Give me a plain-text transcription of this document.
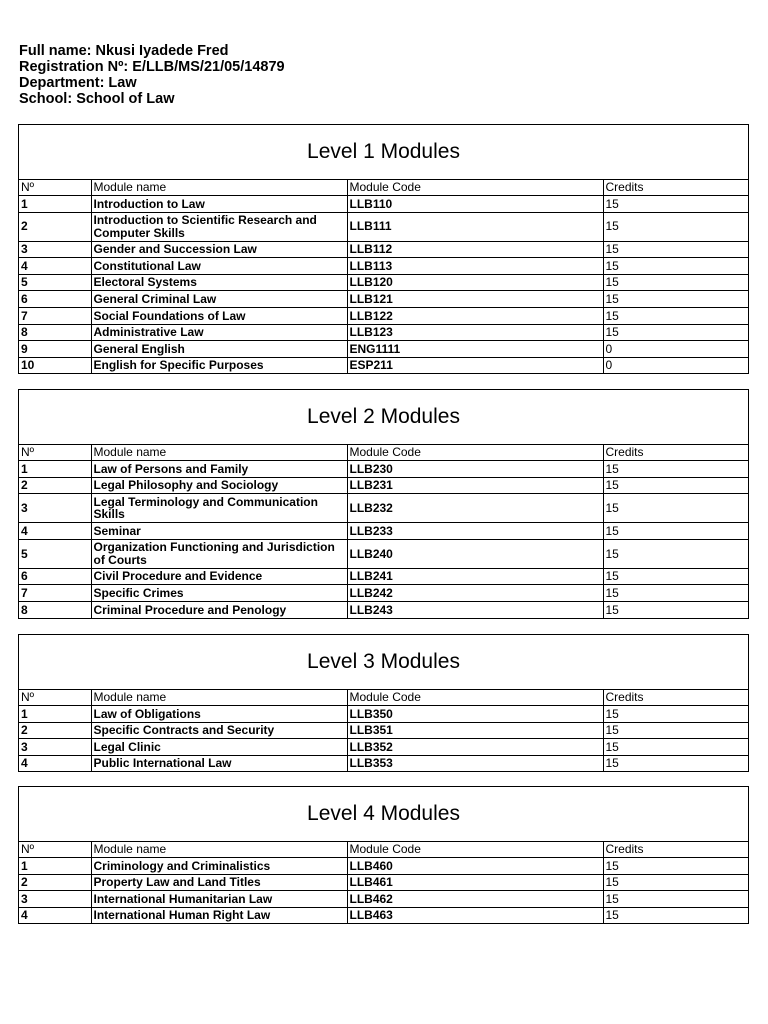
Full name: Nkusi Iyadede Fred
Registration Nº: E/LLB/MS/21/05/14879
Department: Law
School: School of Law
Level 1 Modules
Nº	Module name	Module Code	Credits
1	Introduction to Law	LLB110	15
2	Introduction to Scientific Research and Computer Skills	LLB111	15
3	Gender and Succession Law	LLB112	15
4	Constitutional Law	LLB113	15
5	Electoral Systems	LLB120	15
6	General Criminal Law	LLB121	15
7	Social Foundations of Law	LLB122	15
8	Administrative Law	LLB123	15
9	General English	ENG1111	0
10	English for Specific Purposes	ESP211	0
Level 2 Modules
Nº	Module name	Module Code	Credits
1	Law of Persons and Family	LLB230	15
2	Legal Philosophy and Sociology	LLB231	15
3	Legal Terminology and Communication Skills	LLB232	15
4	Seminar	LLB233	15
5	Organization Functioning and Jurisdiction of Courts	LLB240	15
6	Civil Procedure and Evidence	LLB241	15
7	Specific Crimes	LLB242	15
8	Criminal Procedure and Penology	LLB243	15
Level 3 Modules
Nº	Module name	Module Code	Credits
1	Law of Obligations	LLB350	15
2	Specific Contracts and Security	LLB351	15
3	Legal Clinic	LLB352	15
4	Public International Law	LLB353	15
Level 4 Modules
Nº	Module name	Module Code	Credits
1	Criminology and Criminalistics	LLB460	15
2	Property Law and Land Titles	LLB461	15
3	International Humanitarian Law	LLB462	15
4	International Human Right Law	LLB463	15
